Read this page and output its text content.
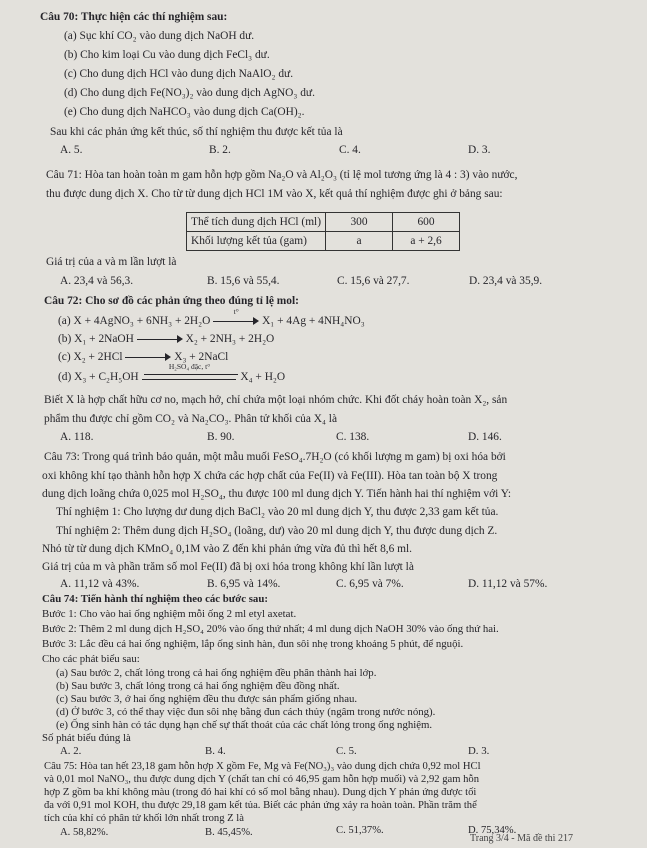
Câu 70: Thực hiện các thí nghiệm sau:
(a) Sục khí CO₂ vào dung dịch NaOH dư.
(b) Cho kim loại Cu vào dung dịch FeCl₃ dư.
(c) Cho dung dịch HCl vào dung dịch NaAlO₂ dư.
(d) Cho dung dịch Fe(NO₃)₂ vào dung dịch AgNO₃ dư.
(e) Cho dung dịch NaHCO₃ vào dung dịch Ca(OH)₂.
Sau khi các phản ứng kết thúc, số thí nghiệm thu được kết tủa là
A. 5.	B. 2.	C. 4.	D. 3.
Câu 71: Hòa tan hoàn toàn m gam hỗn hợp gồm Na₂O và Al₂O₃ (tỉ lệ mol tương ứng là 4 : 3) vào nước,
thu được dung dịch X. Cho từ từ dung dịch HCl 1M vào X, kết quả thí nghiệm được ghi ở bảng sau:
Thể tích dung dịch HCl (ml)	300	600
Khối lượng kết tủa (gam)	a	a + 2,6
Giá trị của a và m lần lượt là
A. 23,4 và 56,3.	B. 15,6 và 55,4.	C. 15,6 và 27,7.	D. 23,4 và 35,9.
Câu 72: Cho sơ đồ các phản ứng theo đúng tỉ lệ mol:
(a) X + 4AgNO₃ + 6NH₃ + 2H₂O
t°
X₁ + 4Ag + 4NH₄NO₃
(b) X₁ + 2NaOH	X₂ + 2NH₃ + 2H₂O
(c) X₂ + 2HCl	X₃ + 2NaCl
(d) X₃ + C₂H₅OH
H₂SO₄ đặc, t°
X₄ + H₂O
Biết X là hợp chất hữu cơ no, mạch hở, chỉ chứa một loại nhóm chức. Khi đốt cháy hoàn toàn X₂, sản
phẩm thu được chỉ gồm CO₂ và Na₂CO₃. Phân tử khối của X₄ là
A. 118.	B. 90.	C. 138.	D. 146.
Câu 73: Trong quá trình bảo quản, một mẫu muối FeSO₄.7H₂O (có khối lượng m gam) bị oxi hóa bởi
oxi không khí tạo thành hỗn hợp X chứa các hợp chất của Fe(II) và Fe(III). Hòa tan toàn bộ X trong
dung dịch loãng chứa 0,025 mol H₂SO₄, thu được 100 ml dung dịch Y. Tiến hành hai thí nghiệm với Y:
Thí nghiệm 1: Cho lượng dư dung dịch BaCl₂ vào 20 ml dung dịch Y, thu được 2,33 gam kết tủa.
Thí nghiệm 2: Thêm dung dịch H₂SO₄ (loãng, dư) vào 20 ml dung dịch Y, thu được dung dịch Z.
Nhỏ từ từ dung dịch KMnO₄ 0,1M vào Z đến khi phản ứng vừa đủ thì hết 8,6 ml.
Giá trị của m và phần trăm số mol Fe(II) đã bị oxi hóa trong không khí lần lượt là
A. 11,12 và 43%.	B. 6,95 và 14%.	C. 6,95 và 7%.	D. 11,12 và 57%.
Câu 74: Tiến hành thí nghiệm theo các bước sau:
Bước 1: Cho vào hai ống nghiệm mỗi ống 2 ml etyl axetat.
Bước 2: Thêm 2 ml dung dịch H₂SO₄ 20% vào ống thứ nhất; 4 ml dung dịch NaOH 30% vào ống thứ hai.
Bước 3: Lắc đều cả hai ống nghiệm, lắp ống sinh hàn, đun sôi nhẹ trong khoảng 5 phút, để nguội.
Cho các phát biểu sau:
(a) Sau bước 2, chất lỏng trong cả hai ống nghiệm đều phân thành hai lớp.
(b) Sau bước 3, chất lỏng trong cả hai ống nghiệm đều đồng nhất.
(c) Sau bước 3, ở hai ống nghiệm đều thu được sản phẩm giống nhau.
(d) Ở bước 3, có thể thay việc đun sôi nhẹ bằng đun cách thủy (ngâm trong nước nóng).
(e) Ống sinh hàn có tác dụng hạn chế sự thất thoát của các chất lỏng trong ống nghiệm.
Số phát biểu đúng là
A. 2.	B. 4.	C. 5.	D. 3.
Câu 75: Hòa tan hết 23,18 gam hỗn hợp X gồm Fe, Mg và Fe(NO₃)₃ vào dung dịch chứa 0,92 mol HCl
và 0,01 mol NaNO₃, thu được dung dịch Y (chất tan chỉ có 46,95 gam hỗn hợp muối) và 2,92 gam hỗn
hợp Z gồm ba khí không màu (trong đó hai khí có số mol bằng nhau). Dung dịch Y phản ứng được tối
đa với 0,91 mol KOH, thu được 29,18 gam kết tủa. Biết các phản ứng xảy ra hoàn toàn. Phần trăm thể
tích của khí có phân tử khối lớn nhất trong Z là
A. 58,82%.	B. 45,45%.	C. 51,37%.	D. 75,34%.
Trang 3/4 - Mã đề thi 217
